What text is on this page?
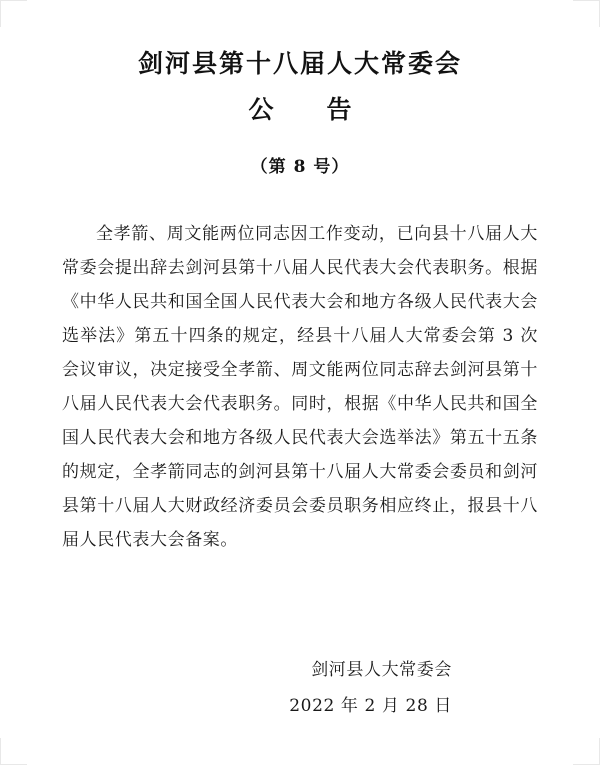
剑河县第十八届人大常委会
公　告
（第 8 号）

全孝箭、周文能两位同志因工作变动，已向县十八届人大常委会提出辞去剑河县第十八届人民代表大会代表职务。根据《中华人民共和国全国人民代表大会和地方各级人民代表大会选举法》第五十四条的规定，经县十八届人大常委会第 3 次会议审议，决定接受全孝箭、周文能两位同志辞去剑河县第十八届人民代表大会代表职务。同时，根据《中华人民共和国全国人民代表大会和地方各级人民代表大会选举法》第五十五条的规定，全孝箭同志的剑河县第十八届人大常委会委员和剑河县第十八届人大财政经济委员会委员职务相应终止，报县十八届人民代表大会备案。

剑河县人大常委会
2022 年 2 月 28 日
